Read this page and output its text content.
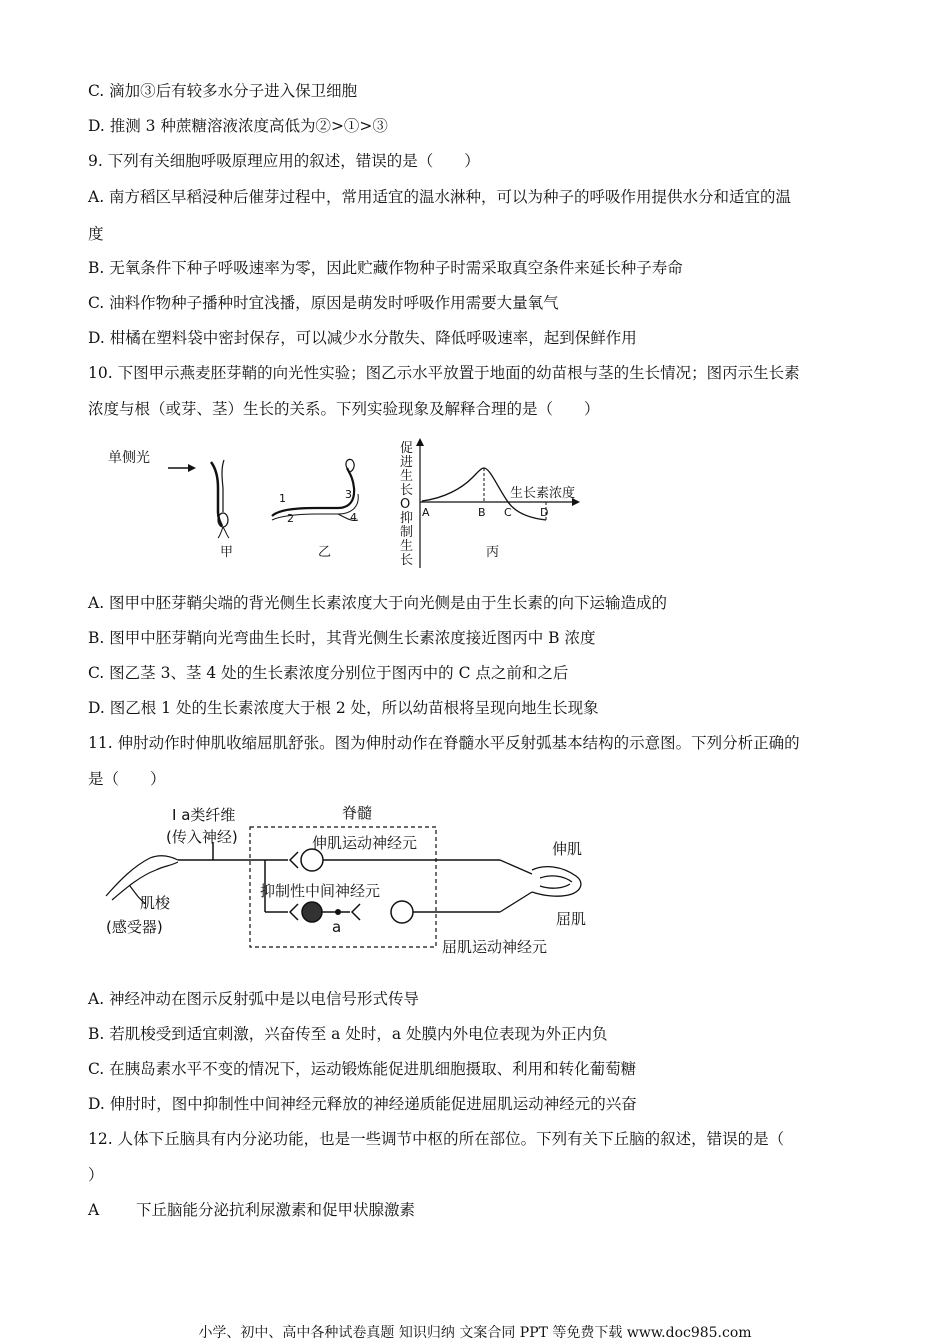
C. 滴加③后有较多水分子进入保卫细胞
D. 推测 3 种蔗糖溶液浓度高低为②>①>③
9. 下列有关细胞呼吸原理应用的叙述，错误的是（　　）
A. 南方稻区早稻浸种后催芽过程中，常用适宜的温水淋种，可以为种子的呼吸作用提供水分和适宜的温
度
B. 无氧条件下种子呼吸速率为零，因此贮藏作物种子时需采取真空条件来延长种子寿命
C. 油料作物种子播种时宜浅播，原因是萌发时呼吸作用需要大量氧气
D. 柑橘在塑料袋中密封保存，可以减少水分散失、降低呼吸速率，起到保鲜作用
10. 下图甲示燕麦胚芽鞘的向光性实验；图乙示水平放置于地面的幼苗根与茎的生长情况；图丙示生长素
浓度与根（或芽、茎）生长的关系。下列实验现象及解释合理的是（　　）
单侧光
甲
1
2
3
4
乙
促
进
生
长
O
抑
制
生
长
生长素浓度
A	B C	D
丙
A. 图甲中胚芽鞘尖端的背光侧生长素浓度大于向光侧是由于生长素的向下运输造成的
B. 图甲中胚芽鞘向光弯曲生长时，其背光侧生长素浓度接近图丙中 B 浓度
C. 图乙茎 3、茎 4 处的生长素浓度分别位于图丙中的 C 点之前和之后
D. 图乙根 1 处的生长素浓度大于根 2 处，所以幼苗根将呈现向地生长现象
11. 伸肘动作时伸肌收缩屈肌舒张。图为伸肘动作在脊髓水平反射弧基本结构的示意图。下列分析正确的
是（　　）
I a类纤维
(传入神经)
脊髓
伸肌运动神经元
抑制性中间神经元
a
屈肌运动神经元
伸肌
屈肌
肌梭
(感受器)
A. 神经冲动在图示反射弧中是以电信号形式传导
B. 若肌梭受到适宜刺激，兴奋传至 a 处时，a 处膜内外电位表现为外正内负
C. 在胰岛素水平不变的情况下，运动锻炼能促进肌细胞摄取、利用和转化葡萄糖
D. 伸肘时，图中抑制性中间神经元释放的神经递质能促进屈肌运动神经元的兴奋
12. 人体下丘脑具有内分泌功能，也是一些调节中枢的所在部位。下列有关下丘脑的叙述，错误的是（
）
A 下丘脑能分泌抗利尿激素和促甲状腺激素
小学、初中、高中各种试卷真题 知识归纳 文案合同 PPT 等免费下载 www.doc985.com
